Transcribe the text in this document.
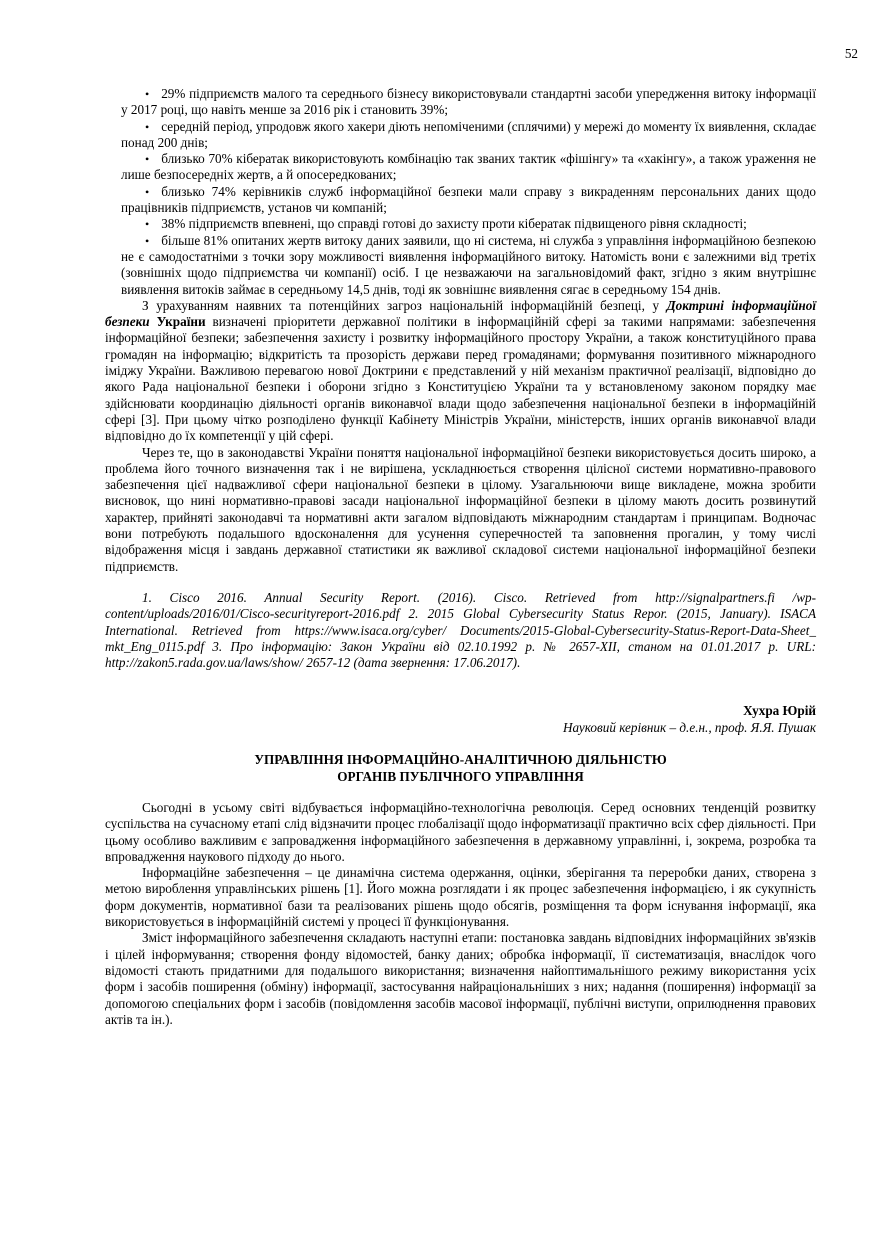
52

•  29% підприємств малого та середнього бізнесу використовували стандартні засоби упередження витоку інформації у 2017 році, що навіть менше за 2016 рік і становить 39%;

•  середній період, упродовж якого хакери діють непоміченими (сплячими) у мережі до моменту їх виявлення, складає понад 200 днів;

•  близько 70% кібератак використовують комбінацію так званих тактик «фішінгу» та «хакінгу», а також ураження не лише безпосередніх жертв, а й опосередкованих;

•  близько 74% керівників служб інформаційної безпеки мали справу з викраденням персональних даних щодо працівників підприємств, установ чи компаній;

•  38% підприємств впевнені, що справді готові до захисту проти кібератак підвищеного рівня складності;

•  більше 81% опитаних жертв витоку даних заявили, що ні система, ні служба з управління інформаційною безпекою не є самодостатніми з точки зору можливості виявлення інформаційного витоку. Натомість вони є залежними від третіх (зовнішніх щодо підприємства чи компанії) осіб. І це незважаючи на загальновідомий факт, згідно з яким внутрішнє виявлення витоків займає в середньому 14,5 днів, тоді як зовнішнє виявлення сягає в середньому 154 днів.

З урахуванням наявних та потенційних загроз національній інформаційній безпеці, у Доктрині інформаційної безпеки України визначені пріоритети державної політики в інформаційній сфері за такими напрямами: забезпечення інформаційної безпеки; забезпечення захисту і розвитку інформаційного простору України, а також конституційного права громадян на інформацію; відкритість та прозорість держави перед громадянами; формування позитивного міжнародного іміджу України. Важливою перевагою нової Доктрини є представлений у ній механізм практичної реалізації, відповідно до якого Рада національної безпеки і оборони згідно з Конституцією України та у встановленому законом порядку має здійснювати координацію діяльності органів виконавчої влади щодо забезпечення національної безпеки в інформаційній сфері [3]. При цьому чітко розподілено функції Кабінету Міністрів України, міністерств, інших органів виконавчої влади відповідно до їх компетенції у цій сфері.

Через те, що в законодавстві України поняття національної інформаційної безпеки використовується досить широко, а проблема його точного визначення так і не вирішена, ускладнюється створення цілісної системи нормативно-правового забезпечення цієї надважливої сфери національної безпеки в цілому. Узагальнюючи вище викладене, можна зробити висновок, що нині нормативно-правові засади національної інформаційної безпеки в цілому мають досить розвинутий характер, прийняті законодавчі та нормативні акти загалом відповідають міжнародним стандартам і принципам. Водночас вони потребують подальшого вдосконалення для усунення суперечностей та заповнення прогалин, у тому числі відображення місця і завдань державної статистики як важливої складової системи національної інформаційної безпеки підприємств.

1. Cisco 2016. Annual Security Report. (2016). Cisco. Retrieved from http://signalpartners.fi /wp-content/uploads/2016/01/Cisco-securityreport-2016.pdf 2. 2015 Global Cybersecurity Status Repor. (2015, January). ISACA International. Retrieved from https://www.isaca.org/cyber/ Documents/2015-Global-Cybersecurity-Status-Report-Data-Sheet_ mkt_Eng_0115.pdf 3. Про інформацію: Закон України від 02.10.1992 р. № 2657-XII, станом на 01.01.2017 р. URL: http://zakon5.rada.gov.ua/laws/show/ 2657-12 (дата звернення: 17.06.2017).

Хухра Юрій

Науковий керівник – д.е.н., проф. Я.Я. Пушак

УПРАВЛІННЯ ІНФОРМАЦІЙНО-АНАЛІТИЧНОЮ ДІЯЛЬНІСТЮ
ОРГАНІВ ПУБЛІЧНОГО УПРАВЛІННЯ

Сьогодні в усьому світі відбувається інформаційно-технологічна революція. Серед основних тенденцій розвитку суспільства на сучасному етапі слід відзначити процес глобалізації щодо інформатизації практично всіх сфер діяльності. При цьому особливо важливим є запровадження інформаційного забезпечення в державному управлінні, і, зокрема, розробка та впровадження наукового підходу до нього.

Інформаційне забезпечення – це динамічна система одержання, оцінки, зберігання та переробки даних, створена з метою вироблення управлінських рішень [1]. Його можна розглядати і як процес забезпечення інформацією, і як сукупність форм документів, нормативної бази та реалізованих рішень щодо обсягів, розміщення та форм існування інформації, яка використовується в інформаційній системі у процесі її функціонування.

Зміст інформаційного забезпечення складають наступні етапи: постановка завдань відповідних інформаційних зв'язків і цілей інформування; створення фонду відомостей, банку даних; обробка інформації, її систематизація, внаслідок чого відомості стають придатними для подальшого використання; визначення найоптимальнішого режиму використання усіх форм і засобів поширення (обміну) інформації, застосування найраціональніших з них; надання (поширення) інформації за допомогою спеціальних форм і засобів (повідомлення засобів масової інформації, публічні виступи, оприлюднення правових актів та ін.).
